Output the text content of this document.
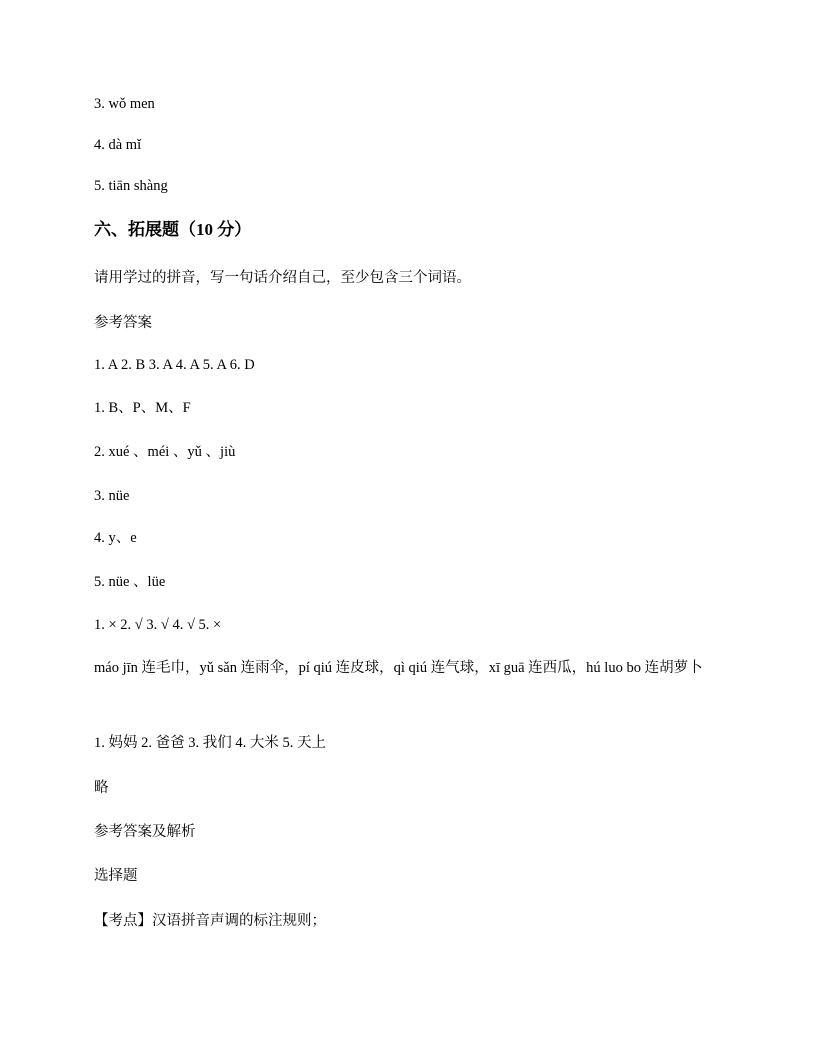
3. wǒ men
4. dà mǐ
5. tiān shàng
六、拓展题（10 分）
请用学过的拼音，写一句话介绍自己，至少包含三个词语。
参考答案
1. A 2. B 3. A 4. A 5. A 6. D
1. B、P、M、F
2. xué 、méi 、yǔ 、jiù
3. nüe
4. y、e
5. nüe 、lüe
1. × 2. √ 3. √ 4. √ 5. ×
máo jīn 连毛巾，yǔ sǎn 连雨伞，pí qiú 连皮球，qì qiú 连气球，xī guā 连西瓜，hú luo bo 连胡萝卜
1. 妈妈 2. 爸爸 3. 我们 4. 大米 5. 天上
略
参考答案及解析
选择题
【考点】汉语拼音声调的标注规则；
